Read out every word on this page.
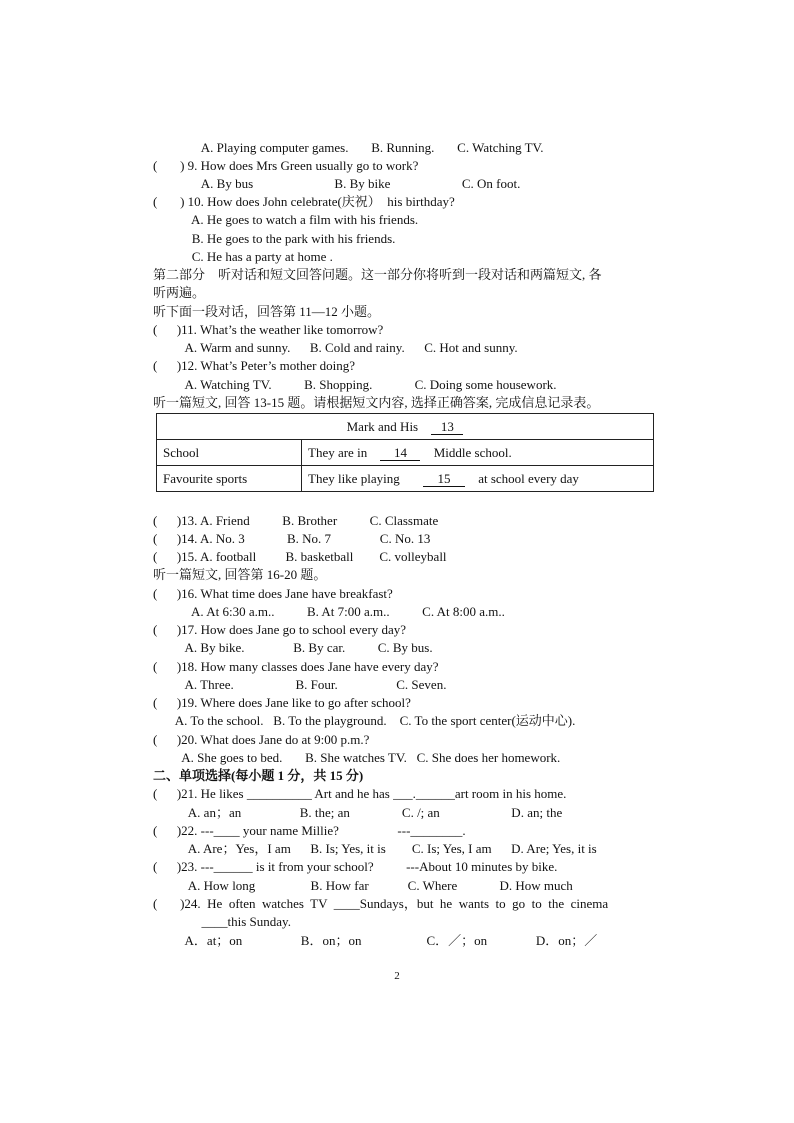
A. Playing computer games.       B. Running.       C. Watching TV.
(       ) 9. How does Mrs Green usually go to work?
A. By bus                         B. By bike                      C. On foot.
(       ) 10. How does John celebrate(庆祝）  his birthday?
A. He goes to watch a film with his friends.
B. He goes to the park with his friends.
C. He has a party at home .
第二部分    听对话和短文回答问题。这一部分你将听到一段对话和两篇短文, 各
听两遍。
听下面一段对话，回答第 11—12 小题。
(      )11. What’s the weather like tomorrow?
A. Warm and sunny.      B. Cold and rainy.      C. Hot and sunny.
(      )12. What’s Peter’s mother doing?
A. Watching TV.          B. Shopping.             C. Doing some housework.
听一篇短文, 回答 13-15 题。请根据短文内容, 选择正确答案, 完成信息记录表。
Mark and His 13	
School	They are in 14 Middle school.
Favourite sports	They like playing 15 at school every day
(      )13. A. Friend          B. Brother          C. Classmate
(      )14. A. No. 3             B. No. 7               C. No. 13
(      )15. A. football         B. basketball        C. volleyball
听一篇短文, 回答第 16-20 题。
(      )16. What time does Jane have breakfast?
A. At 6:30 a.m..          B. At 7:00 a.m..          C. At 8:00 a.m..
(      )17. How does Jane go to school every day?
A. By bike.               B. By car.          C. By bus.
(      )18. How many classes does Jane have every day?
A. Three.                   B. Four.                  C. Seven.
(      )19. Where does Jane like to go after school?
A. To the school.   B. To the playground.    C. To the sport center(运动中心).
(      )20. What does Jane do at 9:00 p.m.?
A. She goes to bed.       B. She watches TV.   C. She does her homework.
二、单项选择(每小题 1 分，共 15 分)
(      )21. He likes __________ Art and he has ___.______art room in his home.
A. an；an                  B. the; an                C. /; an                      D. an; the
(      )22. ---____ your name Millie?                  ---________.
A. Are；Yes，I am      B. Is; Yes, it is        C. Is; Yes, I am      D. Are; Yes, it is
(      )23. ---______ is it from your school?          ---About 10 minutes by bike.
A. How long                 B. How far            C. Where             D. How much
(       )24.  He  often  watches  TV  ____Sundays，but  he  wants  to  go  to  the  cinema
____this Sunday.
A．at；on                  B．on；on                    C．／；on               D．on；／
2
